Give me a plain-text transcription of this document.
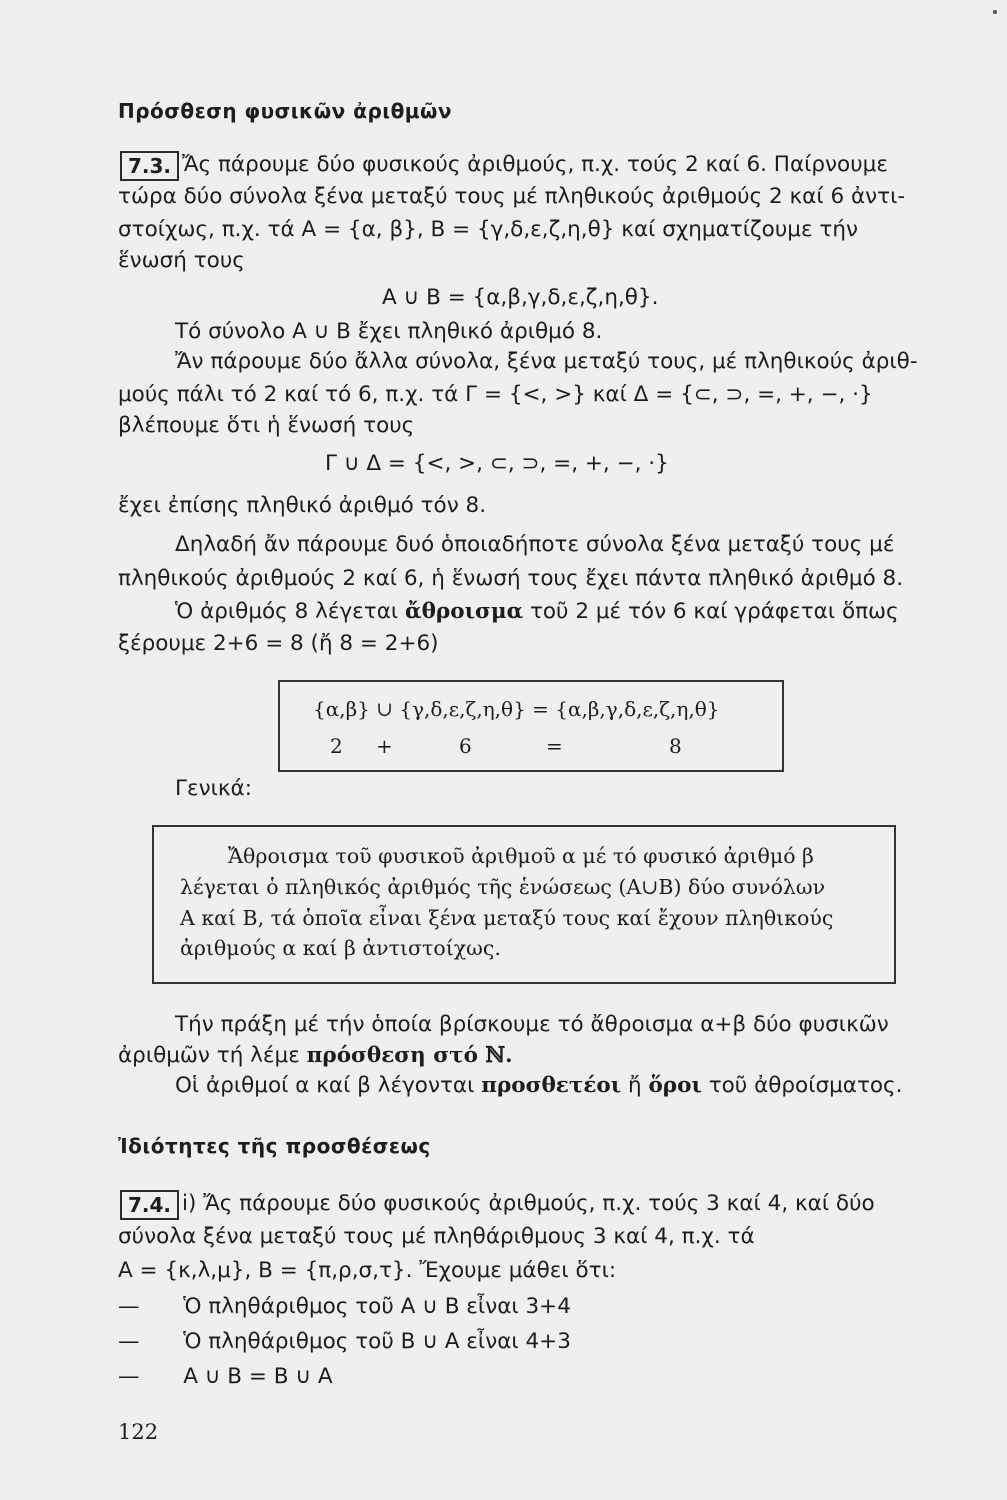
Πρόσθεση φυσικῶν ἀριθμῶν
7.3. Ἄς πάρουμε δύο φυσικούς ἀριθμούς, π.χ. τούς 2 καί 6. Παίρνουμε
τώρα δύο σύνολα ξένα μεταξύ τους μέ πληθικούς ἀριθμούς 2 καί 6 ἀντι-
στοίχως, π.χ. τά Α = {α, β}, Β = {γ,δ,ε,ζ,η,θ} καί σχηματίζουμε τήν
ἕνωσή τους
Α ∪ Β = {α,β,γ,δ,ε,ζ,η,θ}.
Τό σύνολο Α ∪ Β ἔχει πληθικό ἀριθμό 8.
Ἄν πάρουμε δύο ἄλλα σύνολα, ξένα μεταξύ τους, μέ πληθικούς ἀριθ-
μούς πάλι τό 2 καί τό 6, π.χ. τά Γ = {<, >} καί Δ = {⊂, ⊃, =, +, −, ·}
βλέπουμε ὅτι ἡ ἕνωσή τους
Γ ∪ Δ = {<, >, ⊂, ⊃, =, +, −, ·}
ἔχει ἐπίσης πληθικό ἀριθμό τόν 8.
Δηλαδή ἄν πάρουμε δυό ὁποιαδήποτε σύνολα ξένα μεταξύ τους μέ
πληθικούς ἀριθμούς 2 καί 6, ἡ ἕνωσή τους ἔχει πάντα πληθικό ἀριθμό 8.
Ὁ ἀριθμός 8 λέγεται ἄθροισμα τοῦ 2 μέ τόν 6 καί γράφεται ὅπως
ξέρουμε 2+6 = 8 (ἤ 8 = 2+6)
{α,β} ∪ {γ,δ,ε,ζ,η,θ} = {α,β,γ,δ,ε,ζ,η,θ}
2 +	6	=	8
Γενικά:
Ἄθροισμα τοῦ φυσικοῦ ἀριθμοῦ α μέ τό φυσικό ἀριθμό β
λέγεται ὁ πληθικός ἀριθμός τῆς ἑνώσεως (Α∪Β) δύο συνόλων
Α καί Β, τά ὁποῖα εἶναι ξένα μεταξύ τους καί ἔχουν πληθικούς
ἀριθμούς α καί β ἀντιστοίχως.
Τήν πράξη μέ τήν ὁποία βρίσκουμε τό ἄθροισμα α+β δύο φυσικῶν
ἀριθμῶν τή λέμε πρόσθεση στό ℕ.
Οἱ ἀριθμοί α καί β λέγονται προσθετέοι ἤ ὅροι τοῦ ἀθροίσματος.
Ἰδιότητες τῆς προσθέσεως
7.4. i) Ἄς πάρουμε δύο φυσικούς ἀριθμούς, π.χ. τούς 3 καί 4, καί δύο
σύνολα ξένα μεταξύ τους μέ πληθάριθμους 3 καί 4, π.χ. τά
Α = {κ,λ,μ}, Β = {π,ρ,σ,τ}. Ἔχουμε μάθει ὅτι:
— Ὁ πληθάριθμος τοῦ Α ∪ Β εἶναι 3+4
— Ὁ πληθάριθμος τοῦ Β ∪ Α εἶναι 4+3
— Α ∪ Β = Β ∪ Α
122
